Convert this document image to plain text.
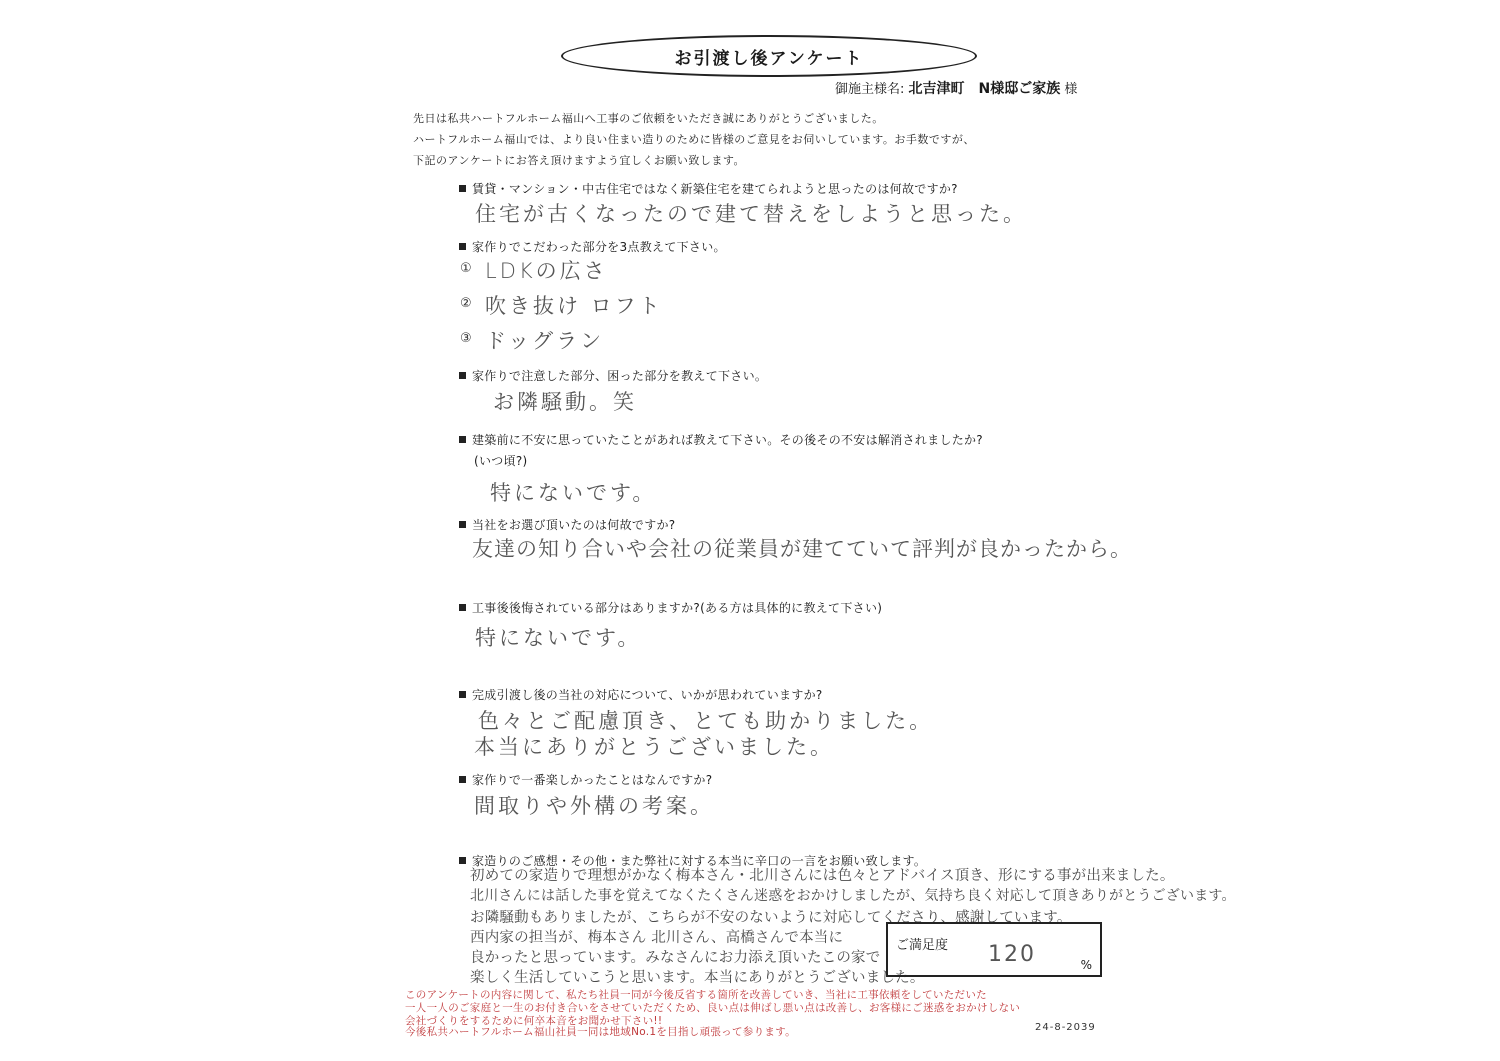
お引渡し後アンケート
御施主様名: 北吉津町　N様邸ご家族 様
先日は私共ハートフルホーム福山へ工事のご依頼をいただき誠にありがとうございました。
ハートフルホーム福山では、より良い住まい造りのために皆様のご意見をお伺いしています。お手数ですが、
下記のアンケートにお答え頂けますよう宜しくお願い致します。
賃貸・マンション・中古住宅ではなく新築住宅を建てられようと思ったのは何故ですか?
住宅が古くなったので建て替えをしようと思った。
家作りでこだわった部分を3点教えて下さい。
① LDKの広さ
② 吹き抜け ロフト
③ ドッグラン
家作りで注意した部分、困った部分を教えて下さい。
お隣騒動。笑
建築前に不安に思っていたことがあれば教えて下さい。その後その不安は解消されましたか?
(いつ頃?)
特にないです。
当社をお選び頂いたのは何故ですか?
友達の知り合いや会社の従業員が建てていて評判が良かったから。
工事後後悔されている部分はありますか?(ある方は具体的に教えて下さい)
特にないです。
完成引渡し後の当社の対応について、いかが思われていますか?
色々とご配慮頂き、とても助かりました。
本当にありがとうございました。
家作りで一番楽しかったことはなんですか?
間取りや外構の考案。
家造りのご感想・その他・また弊社に対する本当に辛口の一言をお願い致します。
初めての家造りで理想がかなく梅本さん・北川さんには色々とアドバイス頂き、形にする事が出来ました。
北川さんには話した事を覚えてなくたくさん迷惑をおかけしましたが、気持ち良く対応して頂きありがとうございます。
お隣騒動もありましたが、こちらが不安のないように対応してくださり、感謝しています。
西内家の担当が、梅本さん 北川さん、高橋さんで本当に
良かったと思っています。みなさんにお力添え頂いたこの家で
楽しく生活していこうと思います。本当にありがとうございました。
ご満足度 120	%
このアンケートの内容に関して、私たち社員一同が今後反省する箇所を改善していき、当社に工事依頼をしていただいた
一人一人のご家庭と一生のお付き合いをさせていただくため、良い点は伸ばし悪い点は改善し、お客様にご迷惑をおかけしない
会社づくりをするために何卒本音をお聞かせ下さい!!
今後私共ハートフルホーム福山社員一同は地域No.1を目指し頑張って参ります。	24-8-2039
